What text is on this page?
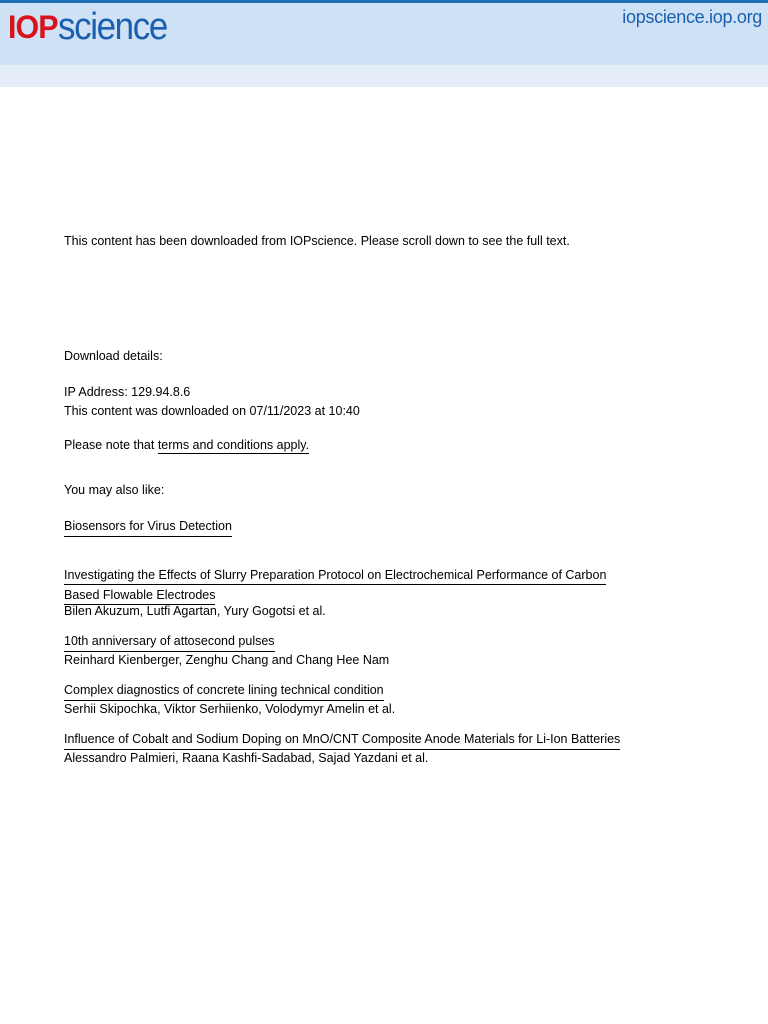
IOPscience	iopscience.iop.org
This content has been downloaded from IOPscience. Please scroll down to see the full text.
Download details:
IP Address: 129.94.8.6
This content was downloaded on 07/11/2023 at 10:40
Please note that terms and conditions apply.
You may also like:
Biosensors for Virus Detection
Investigating the Effects of Slurry Preparation Protocol on Electrochemical Performance of Carbon
Based Flowable Electrodes
Bilen Akuzum, Lutfi Agartan, Yury Gogotsi et al.
10th anniversary of attosecond pulses
Reinhard Kienberger, Zenghu Chang and Chang Hee Nam
Complex diagnostics of concrete lining technical condition
Serhii Skipochka, Viktor Serhiienko, Volodymyr Amelin et al.
Influence of Cobalt and Sodium Doping on MnO/CNT Composite Anode Materials for Li-Ion Batteries
Alessandro Palmieri, Raana Kashfi-Sadabad, Sajad Yazdani et al.
